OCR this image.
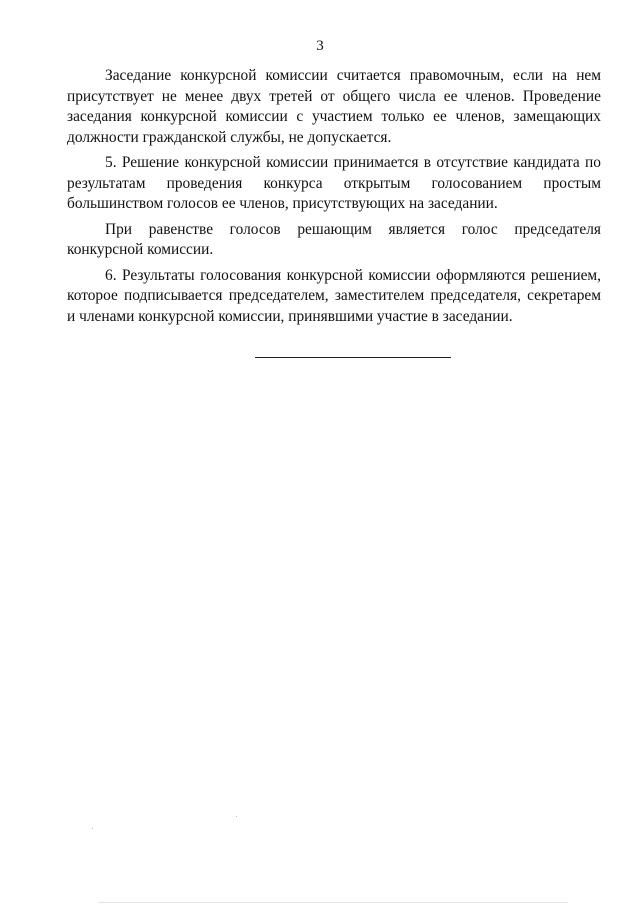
3

Заседание конкурсной комиссии считается правомочным, если на нем присутствует не менее двух третей от общего числа ее членов. Проведение заседания конкурсной комиссии с участием только ее членов, замещающих должности гражданской службы, не допускается.

5. Решение конкурсной комиссии принимается в отсутствие кандидата по результатам проведения конкурса открытым голосованием простым большинством голосов ее членов, присутствующих на заседании.

При равенстве голосов решающим является голос председателя конкурсной комиссии.

6. Результаты голосования конкурсной комиссии оформляются решением, которое подписывается председателем, заместителем председателя, секретарем и членами конкурсной комиссии, принявшими участие в заседании.
